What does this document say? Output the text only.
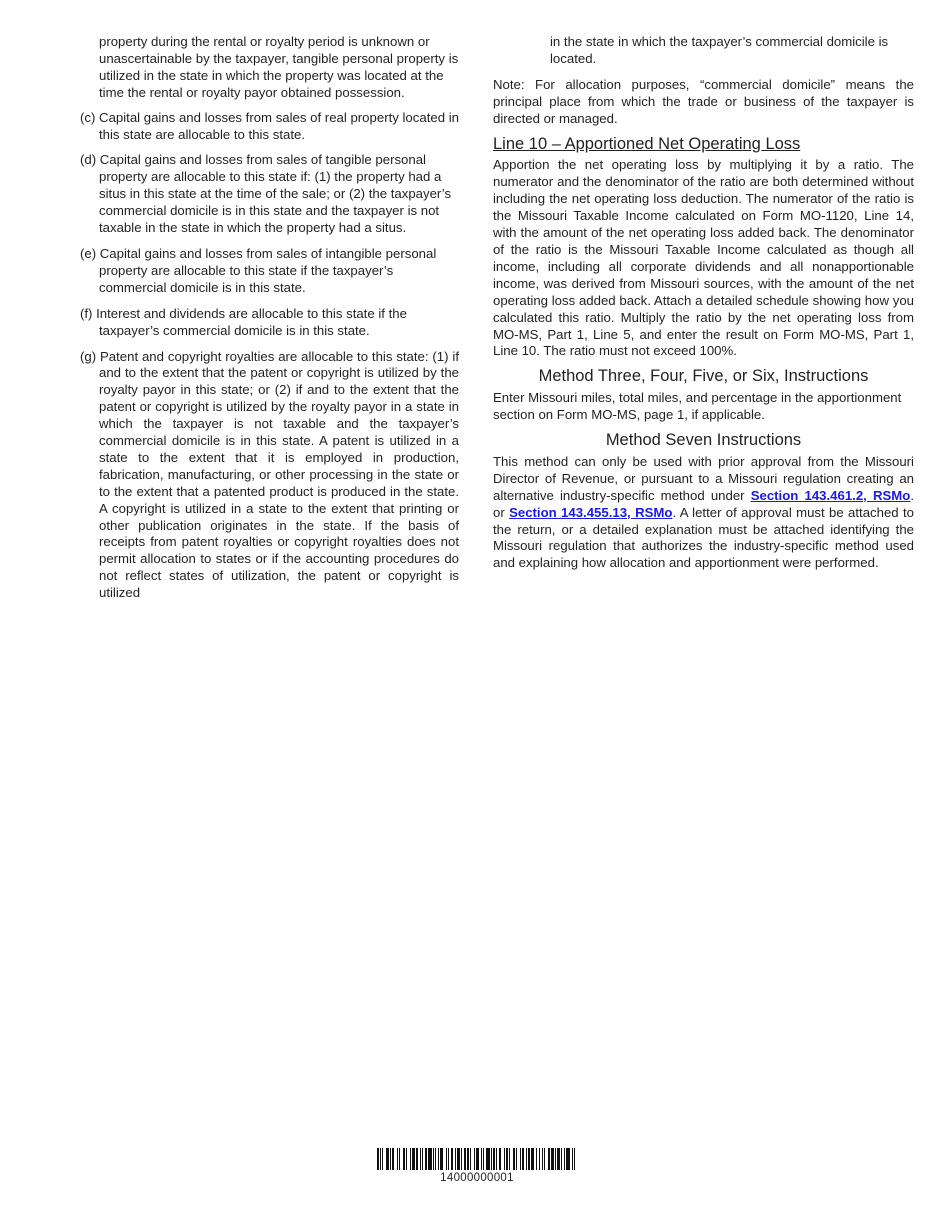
property during the rental or royalty period is unknown or unascertainable by the taxpayer, tangible personal property is utilized in the state in which the property was located at the time the rental or royalty payor obtained possession.

(c) Capital gains and losses from sales of real property located in this state are allocable to this state.

(d) Capital gains and losses from sales of tangible personal property are allocable to this state if: (1) the property had a situs in this state at the time of the sale; or (2) the taxpayer’s commercial domicile is in this state and the taxpayer is not taxable in the state in which the property had a situs.

(e) Capital gains and losses from sales of intangible personal property are allocable to this state if the taxpayer’s commercial domicile is in this state.

(f) Interest and dividends are allocable to this state if the taxpayer’s commercial domicile is in this state.

(g) Patent and copyright royalties are allocable to this state: (1) if and to the extent that the patent or copyright is utilized by the royalty payor in this state; or (2) if and to the extent that the patent or copyright is utilized by the royalty payor in a state in which the taxpayer is not taxable and the taxpayer’s commercial domicile is in this state. A patent is utilized in a state to the extent that it is employed in production, fabrication, manufacturing, or other processing in the state or to the extent that a patented product is produced in the state. A copyright is utilized in a state to the extent that printing or other publication originates in the state. If the basis of receipts from patent royalties or copyright royalties does not permit allocation to states or if the accounting procedures do not reflect states of utilization, the patent or copyright is utilized

in the state in which the taxpayer’s commercial domicile is located.

Note: For allocation purposes, “commercial domicile” means the principal place from which the trade or business of the taxpayer is directed or managed.

Line 10 – Apportioned Net Operating Loss

Apportion the net operating loss by multiplying it by a ratio. The numerator and the denominator of the ratio are both determined without including the net operating loss deduction. The numerator of the ratio is the Missouri Taxable Income calculated on Form MO-1120, Line 14, with the amount of the net operating loss added back. The denominator of the ratio is the Missouri Taxable Income calculated as though all income, including all corporate dividends and all nonapportionable income, was derived from Missouri sources, with the amount of the net operating loss added back. Attach a detailed schedule showing how you calculated this ratio. Multiply the ratio by the net operating loss from MO-MS, Part 1, Line 5, and enter the result on Form MO-MS, Part 1, Line 10. The ratio must not exceed 100%.

Method Three, Four, Five, or Six, Instructions

Enter Missouri miles, total miles, and percentage in the apportionment section on Form MO-MS, page 1, if applicable.

Method Seven Instructions

This method can only be used with prior approval from the Missouri Director of Revenue, or pursuant to a Missouri regulation creating an alternative industry-specific method under Section 143.461.2, RSMo. or Section 143.455.13, RSMo. A letter of approval must be attached to the return, or a detailed explanation must be attached identifying the Missouri regulation that authorizes the industry-specific method used and explaining how allocation and apportionment were performed.

14000000001
